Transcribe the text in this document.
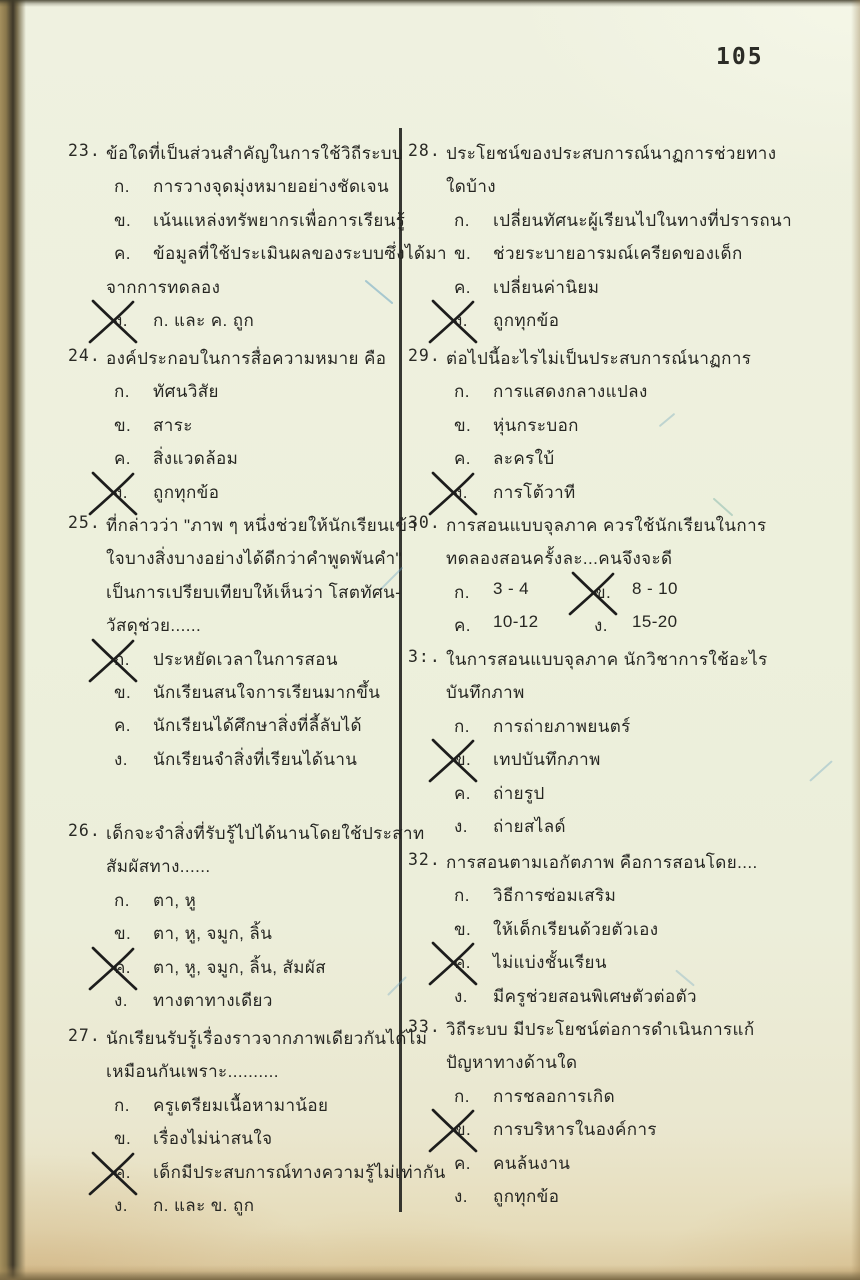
105
23. ข้อใดที่เป็นส่วนสำคัญในการใช้วิถีระบบ
ก. การวางจุดมุ่งหมายอย่างชัดเจน
ข. เน้นแหล่งทรัพยากรเพื่อการเรียนรู้
ค. ข้อมูลที่ใช้ประเมินผลของระบบซึ่งได้มา
จากการทดลอง
ง. ก. และ ค. ถูก
24. องค์ประกอบในการสื่อความหมาย คือ
ก. ทัศนวิสัย
ข. สาระ
ค. สิ่งแวดล้อม
ง. ถูกทุกข้อ
25. ที่กล่าวว่า "ภาพ ๆ หนึ่งช่วยให้นักเรียนเข้า
ใจบางสิ่งบางอย่างได้ดีกว่าคำพูดพันคำ"
เป็นการเปรียบเทียบให้เห็นว่า โสตทัศน-
วัสดุช่วย......
ก. ประหยัดเวลาในการสอน
ข. นักเรียนสนใจการเรียนมากขึ้น
ค. นักเรียนได้ศึกษาสิ่งที่ลี้ลับได้
ง. นักเรียนจำสิ่งที่เรียนได้นาน
26. เด็กจะจำสิ่งที่รับรู้ไปได้นานโดยใช้ประสาท
สัมผัสทาง......
ก. ตา, หู
ข. ตา, หู, จมูก, ลิ้น
ค. ตา, หู, จมูก, ลิ้น, สัมผัส
ง. ทางตาทางเดียว
27. นักเรียนรับรู้เรื่องราวจากภาพเดียวกันได้ไม่
เหมือนกันเพราะ..........
ก. ครูเตรียมเนื้อหามาน้อย
ข. เรื่องไม่น่าสนใจ
ค. เด็กมีประสบการณ์ทางความรู้ไม่เท่ากัน
ง. ก. และ ข. ถูก
28. ประโยชน์ของประสบการณ์นาฏการช่วยทาง
ใดบ้าง
ก. เปลี่ยนทัศนะผู้เรียนไปในทางที่ปรารถนา
ข. ช่วยระบายอารมณ์เครียดของเด็ก
ค. เปลี่ยนค่านิยม
ง. ถูกทุกข้อ
29. ต่อไปนี้อะไรไม่เป็นประสบการณ์นาฏการ
ก. การแสดงกลางแปลง
ข. หุ่นกระบอก
ค. ละครใบ้
ง. การโต้วาที
30. การสอนแบบจุลภาค ควรใช้นักเรียนในการ
ทดลองสอนครั้งละ...คนจึงจะดี
ก. 3 - 4	ข. 8 - 10
ค. 10-12	ง. 15-20
3:. ในการสอนแบบจุลภาค นักวิชาการใช้อะไร
บันทึกภาพ
ก. การถ่ายภาพยนตร์
ข. เทปบันทึกภาพ
ค. ถ่ายรูป
ง. ถ่ายสไลด์
32. การสอนตามเอกัตภาพ คือการสอนโดย....
ก. วิธีการซ่อมเสริม
ข. ให้เด็กเรียนด้วยตัวเอง
ค. ไม่แบ่งชั้นเรียน
ง. มีครูช่วยสอนพิเศษตัวต่อตัว
33. วิถีระบบ มีประโยชน์ต่อการดำเนินการแก้
ปัญหาทางด้านใด
ก. การชลอการเกิด
ข. การบริหารในองค์การ
ค. คนล้นงาน
ง. ถูกทุกข้อ
